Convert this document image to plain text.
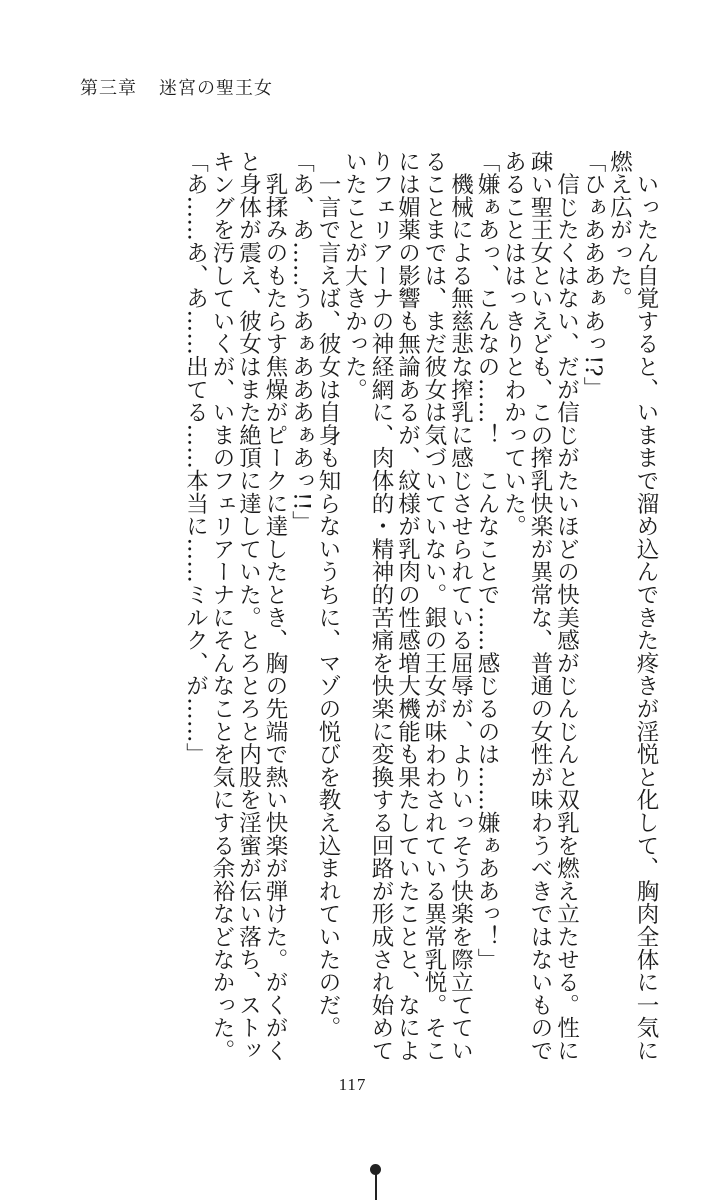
第三章 迷宮の聖王女
　いったん自覚すると、いままで溜め込んできた疼きが淫悦と化して、胸肉全体に一気に
燃え広がった。
「ひぁあああぁあっ!?」
　信じたくはない、だが信じがたいほどの快美感がじんじんと双乳を燃え立たせる。性に
疎い聖王女といえども、この搾乳快楽が異常な、普通の女性が味わうべきではないもので
あることははっきりとわかっていた。
「嫌ぁあっ、こんなの……！　こんなことで……感じるのは……嫌ぁああっ！」
　機械による無慈悲な搾乳に感じさせられている屈辱が、よりいっそう快楽を際立ててい
ることまでは、まだ彼女は気づいていない。銀の王女が味わわされている異常乳悦。そこ
には媚薬の影響も無論あるが、紋様が乳肉の性感増大機能も果たしていたことと、なによ
りフェリアーナの神経網に、肉体的・精神的苦痛を快楽に変換する回路が形成され始めて
いたことが大きかった。
　一言で言えば、彼女は自身も知らないうちに、マゾの悦びを教え込まれていたのだ。
「あ、あ……うあぁあああぁあっ!!」
　乳揉みのもたらす焦燥がピークに達したとき、胸の先端で熱い快楽が弾けた。がくがく
と身体が震え、彼女はまた絶頂に達していた。とろとろと内股を淫蜜が伝い落ち、ストッ
キングを汚していくが、いまのフェリアーナにそんなことを気にする余裕などなかった。
「あ……あ、あ……出てる……本当に……ミルク、が……」
117
